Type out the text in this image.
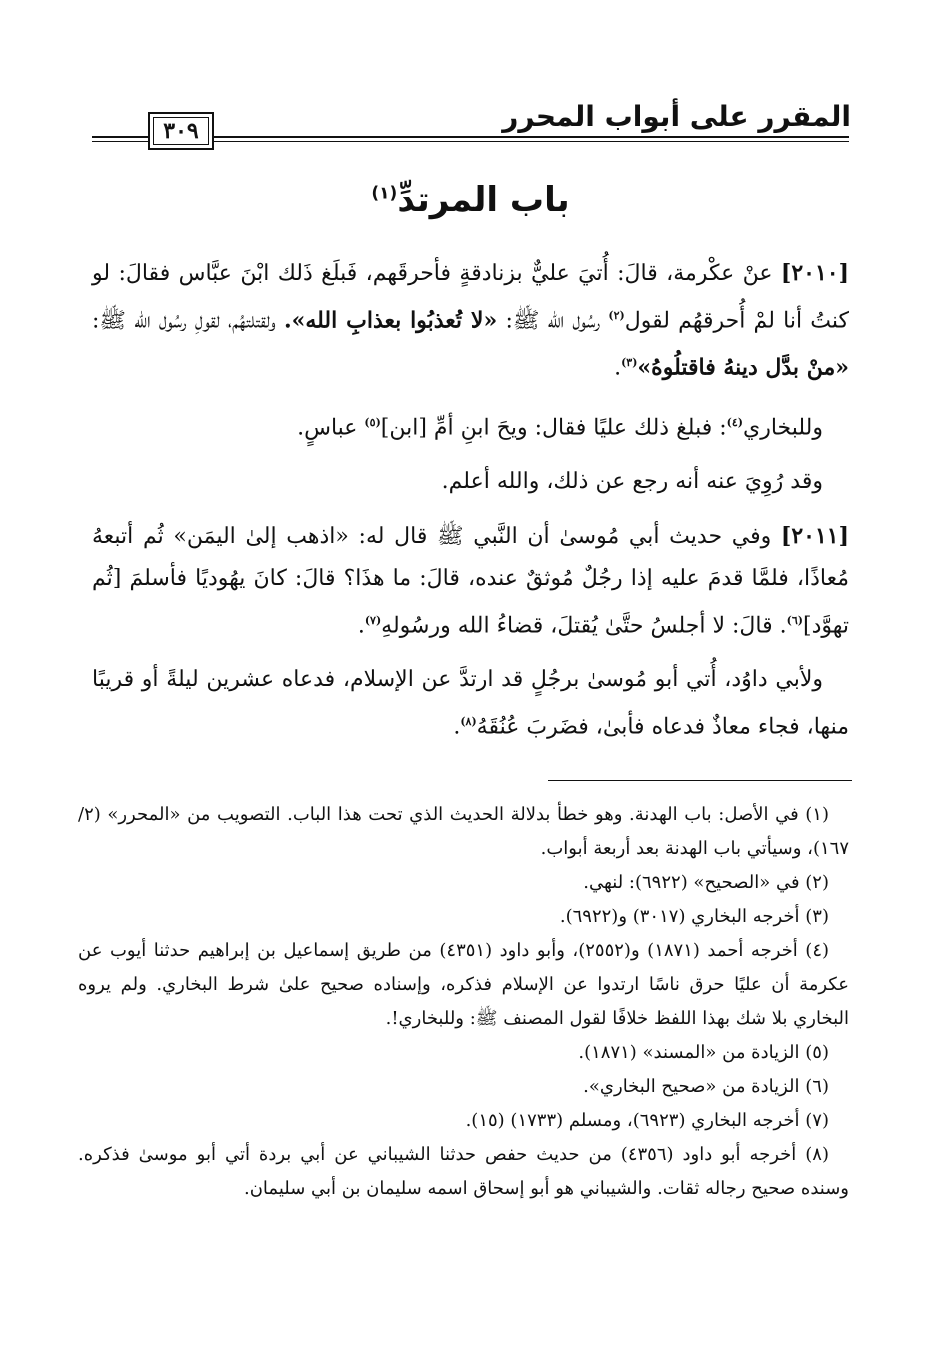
المقرر على أبواب المحرر
٣٠٩
باب المرتدِّ$^{(١)}$

[٢٠١٠] عنْ عكْرمة، قالَ: أُتيَ عليٌّ بزنادقةٍ فأحرقَهم، فَبلَغ ذَلك ابْنَ عبَّاس فقالَ: لو كنتُ أنا لمْ أُحرقهُم لقول$^{(٢)}$ رسُول الله ﷺ: «لا تُعذبُوا بعذابِ الله». ولقتلتهُم، لقولِ رسُول الله ﷺ: «منْ بدَّل دينهُ فاقتلُوهُ»$^{(٣)}$.

وللبخاري$^{(٤)}$: فبلغ ذلك عليًا فقال: ويحَ ابنِ أمِّ [ابن]$^{(٥)}$ عباسٍ.

وقد رُوِيَ عنه أنه رجع عن ذلك، والله أعلم.

[٢٠١١] وفي حديث أبي مُوسىٰ أن النَّبي ﷺ قال له: «اذهب إلىٰ اليمَن» ثُم أتبعهُ مُعاذًا، فلمَّا قدمَ عليه إذا رجُلٌ مُوثقٌ عنده، قالَ: ما هذَا؟ قالَ: كانَ يهُوديًا فأسلمَ [ثُم تهوَّد]$^{(٦)}$. قالَ: لا أجلسُ حتَّىٰ يُقتلَ، قضاءُ الله ورسُولهِ$^{(٧)}$.

ولأبي داوُد، أُتي أبو مُوسىٰ برجُلٍ قد ارتدَّ عن الإسلام، فدعاه عشرين ليلةً أو قريبًا منها، فجاء معاذٌ فدعاه فأبىٰ، فضَربَ عُنُقَهُ$^{(٨)}$.

(١) في الأصل: باب الهدنة. وهو خطأ بدلالة الحديث الذي تحت هذا الباب. التصويب من «المحرر» (٢/ ١٦٧)، وسيأتي باب الهدنة بعد أربعة أبواب.

(٢) في «الصحيح» (٦٩٢٢): لنهي.

(٣) أخرجه البخاري (٣٠١٧) و(٦٩٢٢).

(٤) أخرجه أحمد (١٨٧١) و(٢٥٥٢)، وأبو داود (٤٣٥١) من طريق إسماعيل بن إبراهيم حدثنا أيوب عن عكرمة أن عليًا حرق ناسًا ارتدوا عن الإسلام فذكره، وإسناده صحيح علىٰ شرط البخاري. ولم يروه البخاري بلا شك بهذا اللفظ خلافًا لقول المصنف ﷺ: وللبخاري!.

(٥) الزيادة من «المسند» (١٨٧١).

(٦) الزيادة من «صحيح البخاري».

(٧) أخرجه البخاري (٦٩٢٣)، ومسلم (١٧٣٣) (١٥).

(٨) أخرجه أبو داود (٤٣٥٦) من حديث حفص حدثنا الشيباني عن أبي بردة أتي أبو موسىٰ فذكره. وسنده صحيح رجاله ثقات. والشيباني هو أبو إسحاق اسمه سليمان بن أبي سليمان.
